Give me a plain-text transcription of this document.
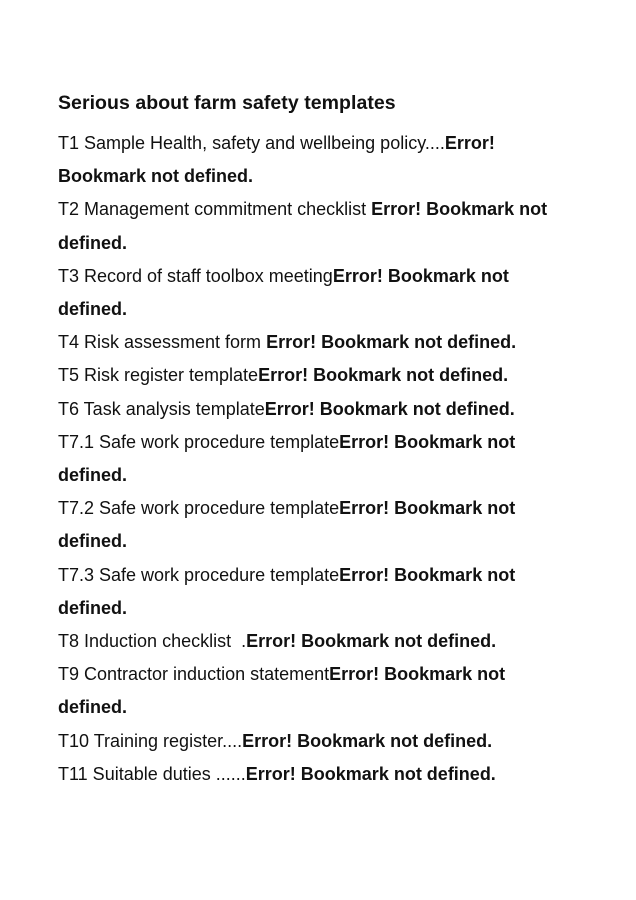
Serious about farm safety templates
T1 Sample Health, safety and wellbeing policy....Error! Bookmark not defined.
T2 Management commitment checklist Error! Bookmark not defined.
T3 Record of staff toolbox meetingError! Bookmark not defined.
T4 Risk assessment form Error! Bookmark not defined.
T5 Risk register templateError! Bookmark not defined.
T6 Task analysis templateError! Bookmark not defined.
T7.1 Safe work procedure templateError! Bookmark not defined.
T7.2 Safe work procedure templateError! Bookmark not defined.
T7.3 Safe work procedure templateError! Bookmark not defined.
T8 Induction checklist  .Error! Bookmark not defined.
T9 Contractor induction statementError! Bookmark not defined.
T10 Training register....Error! Bookmark not defined.
T11 Suitable duties ......Error! Bookmark not defined.
